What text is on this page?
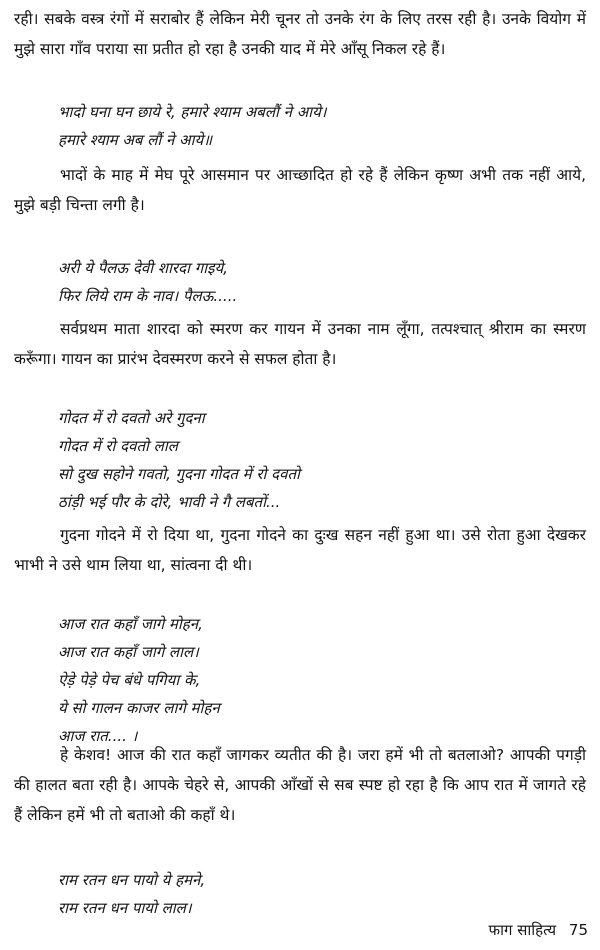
रही। सबके वस्त्र रंगों में सराबोर हैं लेकिन मेरी चूनर तो उनके रंग के लिए तरस रही है। उनके वियोग में मुझे सारा गाँव पराया सा प्रतीत हो रहा है उनकी याद में मेरे आँसू निकल रहे हैं।

भादो घना घन छाये रे, हमारे श्याम अबलौं ने आये।
हमारे श्याम अब लौं ने आये॥

भादों के माह में मेघ पूरे आसमान पर आच्छादित हो रहे हैं लेकिन कृष्ण अभी तक नहीं आये, मुझे बड़ी चिन्ता लगी है।

अरी ये पैलऊ देवी शारदा गाइये,
फिर लिये राम के नाव। पैलऊ.....

सर्वप्रथम माता शारदा को स्मरण कर गायन में उनका नाम लूँगा, तत्पश्चात् श्रीराम का स्मरण करूँगा। गायन का प्रारंभ देवस्मरण करने से सफल होता है।

गोदत में रो दवतो अरे गुदना
गोदत में रो दवतो लाल
सो दुख सहोने गवतो, गुदना गोदत में रो दवतो
ठांड़ी भई पौर के दोरे, भावी ने गै लबतों...

गुदना गोदने में रो दिया था, गुदना गोदने का दुःख सहन नहीं हुआ था। उसे रोता हुआ देखकर भाभी ने उसे थाम लिया था, सांत्वना दी थी।

आज रात कहाँ जागे मोहन,
आज रात कहाँ जागे लाल।
ऐड़े पेड़े पेच बंधे पगिया के,
ये सो गालन काजर लागे मोहन
आज रात.... ।

हे केशव! आज की रात कहाँ जागकर व्यतीत की है। जरा हमें भी तो बतलाओ? आपकी पगड़ी की हालत बता रही है। आपके चेहरे से, आपकी आँखों से सब स्पष्ट हो रहा है कि आप रात में जागते रहे हैं लेकिन हमें भी तो बताओ की कहाँ थे।

राम रतन धन पायो ये हमने,
राम रतन धन पायो लाल।
फाग साहित्य 75
